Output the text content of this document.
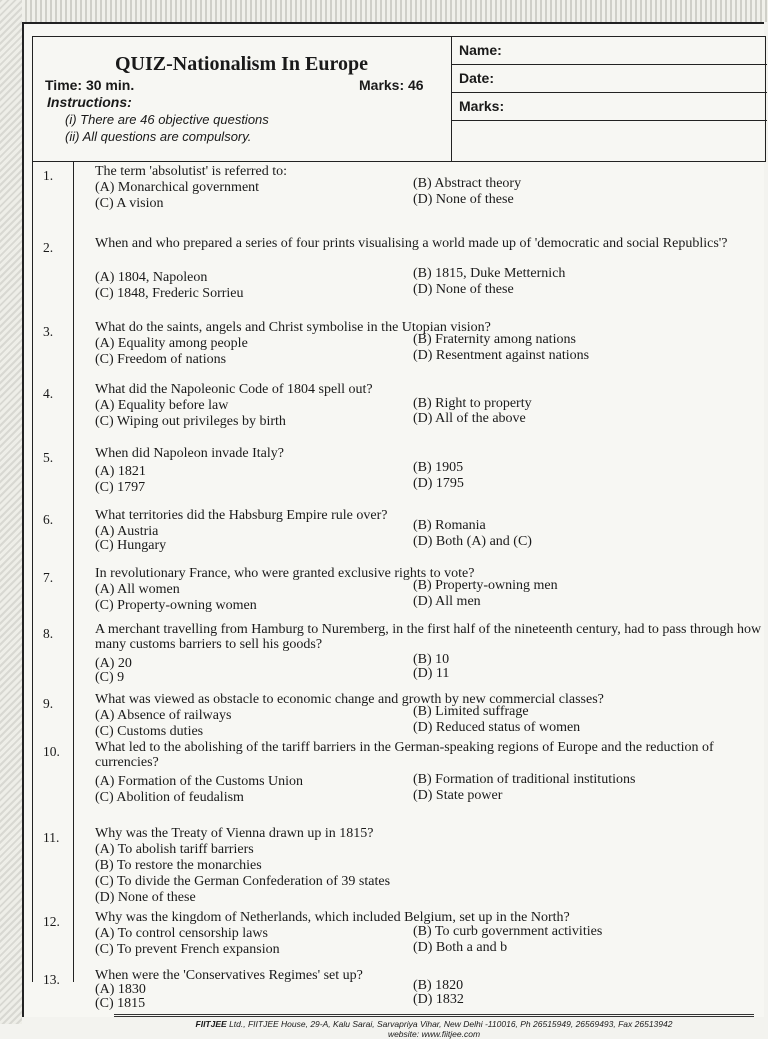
QUIZ-Nationalism In Europe
Time: 30 min.	Marks: 46
Instructions:
(i) There are 46 objective questions
(ii) All questions are compulsory.
Name:
Date:
Marks:
1.	The term 'absolutist' is referred to:
(A) Monarchical government	(B) Abstract theory
(C) A vision	(D) None of these
2.	When and who prepared a series of four prints visualising a world made up of 'democratic and social Republics'?
(A) 1804, Napoleon	(B) 1815, Duke Metternich
(C) 1848, Frederic Sorrieu	(D) None of these
3.	What do the saints, angels and Christ symbolise in the Utopian vision?
(A) Equality among people	(B) Fraternity among nations
(C) Freedom of nations	(D) Resentment against nations
4.	What did the Napoleonic Code of 1804 spell out?
(A) Equality before law	(B) Right to property
(C) Wiping out privileges by birth	(D) All of the above
5.	When did Napoleon invade Italy?
(A) 1821	(B) 1905
(C) 1797	(D) 1795
6.	What territories did the Habsburg Empire rule over?
(A) Austria	(B) Romania
(C) Hungary	(D) Both (A) and (C)
7.	In revolutionary France, who were granted exclusive rights to vote?
(A) All women	(B) Property-owning men
(C) Property-owning women	(D) All men
8.	A merchant travelling from Hamburg to Nuremberg, in the first half of the nineteenth century, had to pass through how many customs barriers to sell his goods?
(A) 20	(B) 10
(C) 9	(D) 11
9.	What was viewed as obstacle to economic change and growth by new commercial classes?
(A) Absence of railways	(B) Limited suffrage
(C) Customs duties	(D) Reduced status of women
10.	What led to the abolishing of the tariff barriers in the German-speaking regions of Europe and the reduction of currencies?
(A) Formation of the Customs Union	(B) Formation of traditional institutions
(C) Abolition of feudalism	(D) State power
11.	Why was the Treaty of Vienna drawn up in 1815?
(A) To abolish tariff barriers
(B) To restore the monarchies
(C) To divide the German Confederation of 39 states
(D) None of these
12.	Why was the kingdom of Netherlands, which included Belgium, set up in the North?
(A) To control censorship laws	(B) To curb government activities
(C) To prevent French expansion	(D) Both a and b
13.	When were the 'Conservatives Regimes' set up?
(A) 1830	(B) 1820
(C) 1815	(D) 1832
FIITJEE Ltd., FIITJEE House, 29-A, Kalu Sarai, Sarvapriya Vihar, New Delhi -110016, Ph 26515949, 26569493, Fax 26513942
website: www.fiitjee.com
